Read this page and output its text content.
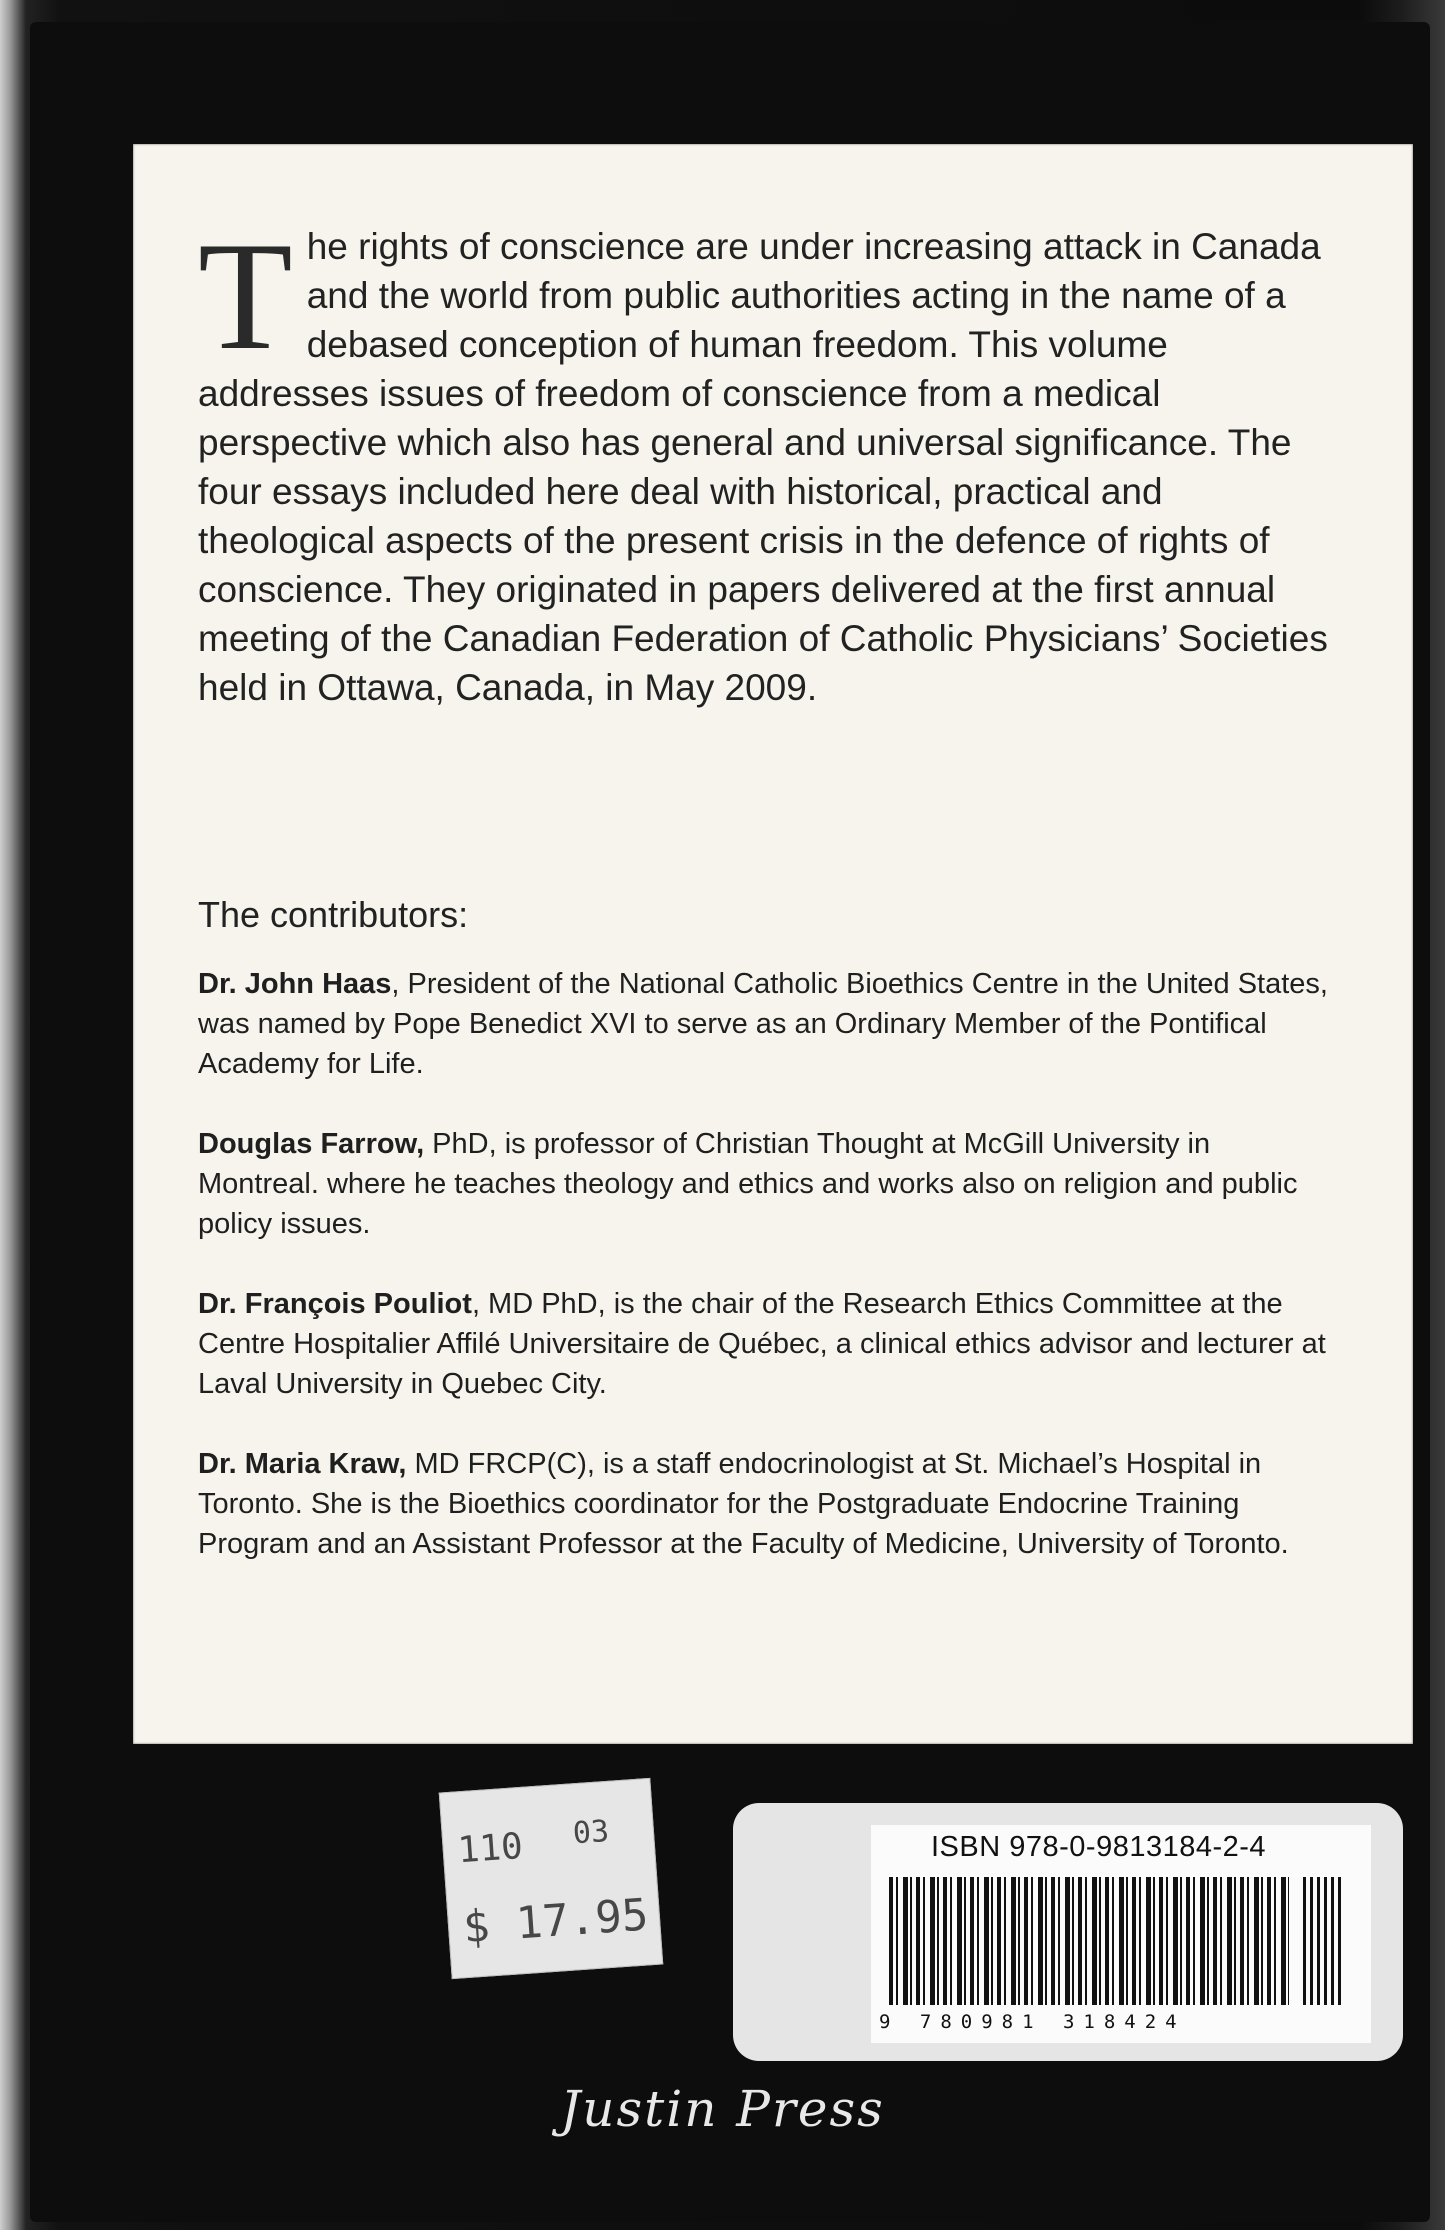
The rights of conscience are under increasing attack in Canada and the world from public authorities acting in the name of a debased conception of human freedom. This volume addresses issues of freedom of conscience from a medical perspective which also has general and universal significance. The four essays included here deal with historical, practical and theological aspects of the present crisis in the defence of rights of conscience. They originated in papers delivered at the first annual meeting of the Canadian Federation of Catholic Physicians’ Societies held in Ottawa, Canada, in May 2009.
The contributors:
Dr. John Haas, President of the National Catholic Bioethics Centre in the United States, was named by Pope Benedict XVI to serve as an Ordinary Member of the Pontifical Academy for Life.
Douglas Farrow, PhD, is professor of Christian Thought at McGill University in Montreal. where he teaches theology and ethics and works also on religion and public policy issues.
Dr. François Pouliot, MD PhD, is the chair of the Research Ethics Committee at the Centre Hospitalier Affilé Universitaire de Québec, a clinical ethics advisor and lecturer at Laval University in Quebec City.
Dr. Maria Kraw, MD FRCP(C), is a staff endocrinologist at St. Michael’s Hospital in Toronto. She is the Bioethics coordinator for the Postgraduate Endocrine Training Program and an Assistant Professor at the Faculty of Medicine, University of Toronto.
110 03
$ 17.95
ISBN 978-0-9813184-2-4
9 780981 318424
Justin Press
